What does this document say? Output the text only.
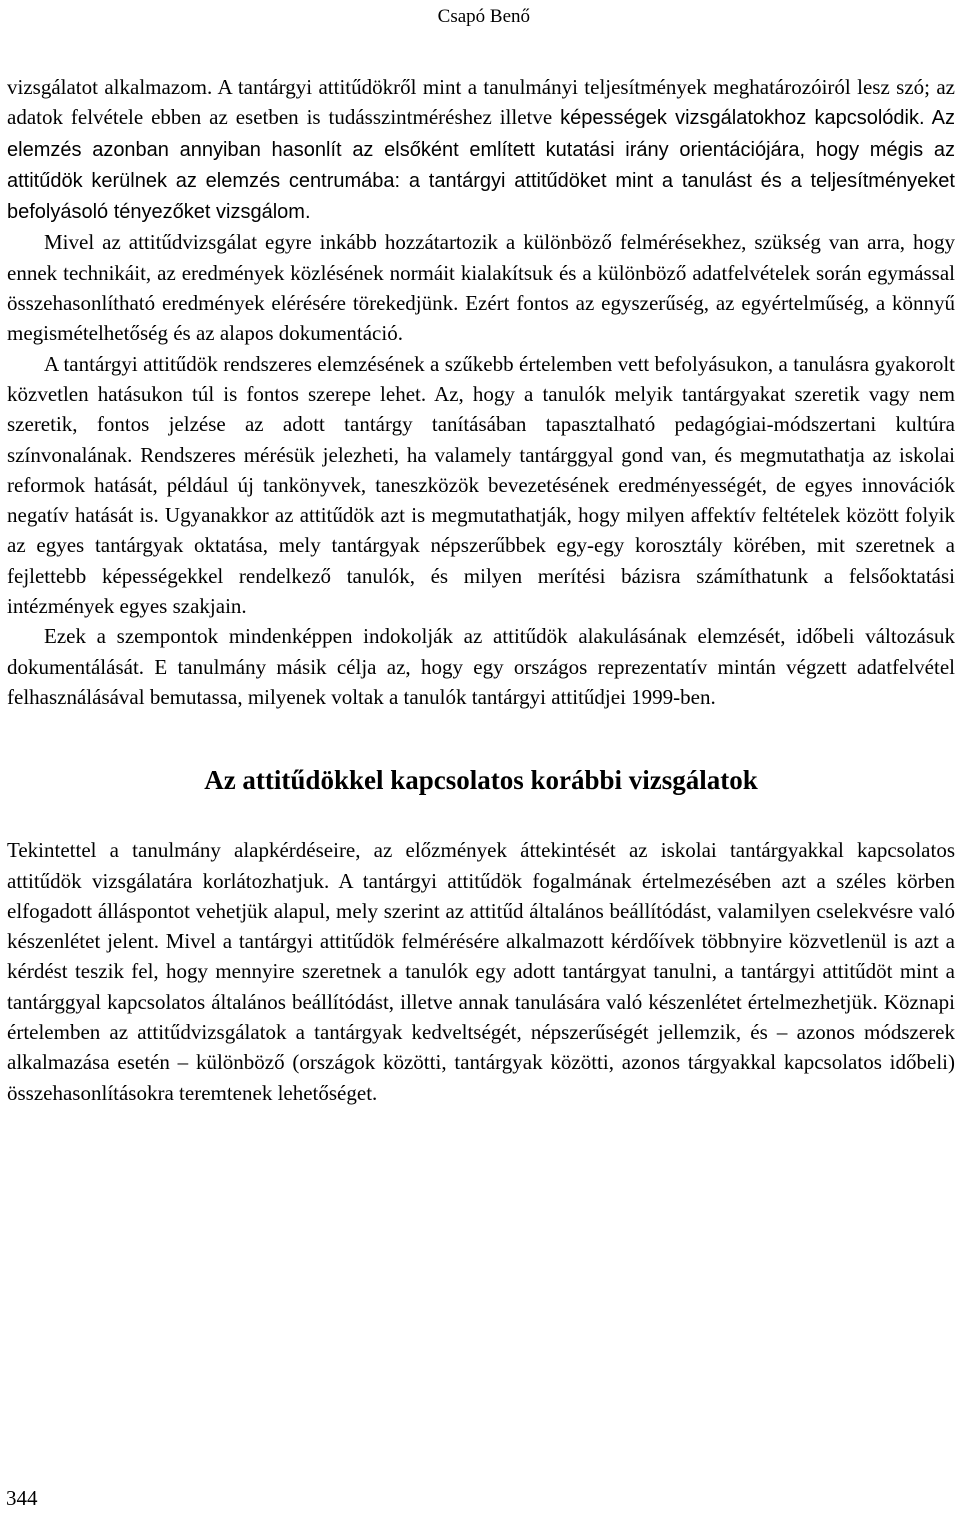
Csapó Benő

vizsgálatot alkalmazom. A tantárgyi attitűdökről mint a tanulmányi teljesítmények meghatározóiról lesz szó; az adatok felvétele ebben az esetben is tudásszintméréshez illetve képességek vizsgálatokhoz kapcsolódik. Az elemzés azonban annyiban hasonlít az elsőként említett kutatási irány orientációjára, hogy mégis az attitűdök kerülnek az elemzés centrumába: a tantárgyi attitűdöket mint a tanulást és a teljesítményeket befolyásoló tényezőket vizsgálom.

Mivel az attitűdvizsgálat egyre inkább hozzátartozik a különböző felmérésekhez, szükség van arra, hogy ennek technikáit, az eredmények közlésének normáit kialakítsuk és a különböző adatfelvételek során egymással összehasonlítható eredmények elérésére törekedjünk. Ezért fontos az egyszerűség, az egyértelműség, a könnyű megismételhetőség és az alapos dokumentáció.

A tantárgyi attitűdök rendszeres elemzésének a szűkebb értelemben vett befolyásukon, a tanulásra gyakorolt közvetlen hatásukon túl is fontos szerepe lehet. Az, hogy a tanulók melyik tantárgyakat szeretik vagy nem szeretik, fontos jelzése az adott tantárgy tanításában tapasztalható pedagógiai-módszertani kultúra színvonalának. Rendszeres mérésük jelezheti, ha valamely tantárggyal gond van, és megmutathatja az iskolai reformok hatását, például új tankönyvek, taneszközök bevezetésének eredményességét, de egyes innovációk negatív hatását is. Ugyanakkor az attitűdök azt is megmutathatják, hogy milyen affektív feltételek között folyik az egyes tantárgyak oktatása, mely tantárgyak népszerűbbek egy-egy korosztály körében, mit szeretnek a fejlettebb képességekkel rendelkező tanulók, és milyen merítési bázisra számíthatunk a felsőoktatási intézmények egyes szakjain.

Ezek a szempontok mindenképpen indokolják az attitűdök alakulásának elemzését, időbeli változásuk dokumentálását. E tanulmány másik célja az, hogy egy országos reprezentatív mintán végzett adatfelvétel felhasználásával bemutassa, milyenek voltak a tanulók tantárgyi attitűdjei 1999-ben.

Az attitűdökkel kapcsolatos korábbi vizsgálatok

Tekintettel a tanulmány alapkérdéseire, az előzmények áttekintését az iskolai tantárgyakkal kapcsolatos attitűdök vizsgálatára korlátozhatjuk. A tantárgyi attitűdök fogalmának értelmezésében azt a széles körben elfogadott álláspontot vehetjük alapul, mely szerint az attitűd általános beállítódást, valamilyen cselekvésre való készenlétet jelent. Mivel a tantárgyi attitűdök felmérésére alkalmazott kérdőívek többnyire közvetlenül is azt a kérdést teszik fel, hogy mennyire szeretnek a tanulók egy adott tantárgyat tanulni, a tantárgyi attitűdöt mint a tantárggyal kapcsolatos általános beállítódást, illetve annak tanulására való készenlétet értelmezhetjük. Köznapi értelemben az attitűdvizsgálatok a tantárgyak kedveltségét, népszerűségét jellemzik, és – azonos módszerek alkalmazása esetén – különböző (országok közötti, tantárgyak közötti, azonos tárgyakkal kapcsolatos időbeli) összehasonlításokra teremtenek lehetőséget.

344
